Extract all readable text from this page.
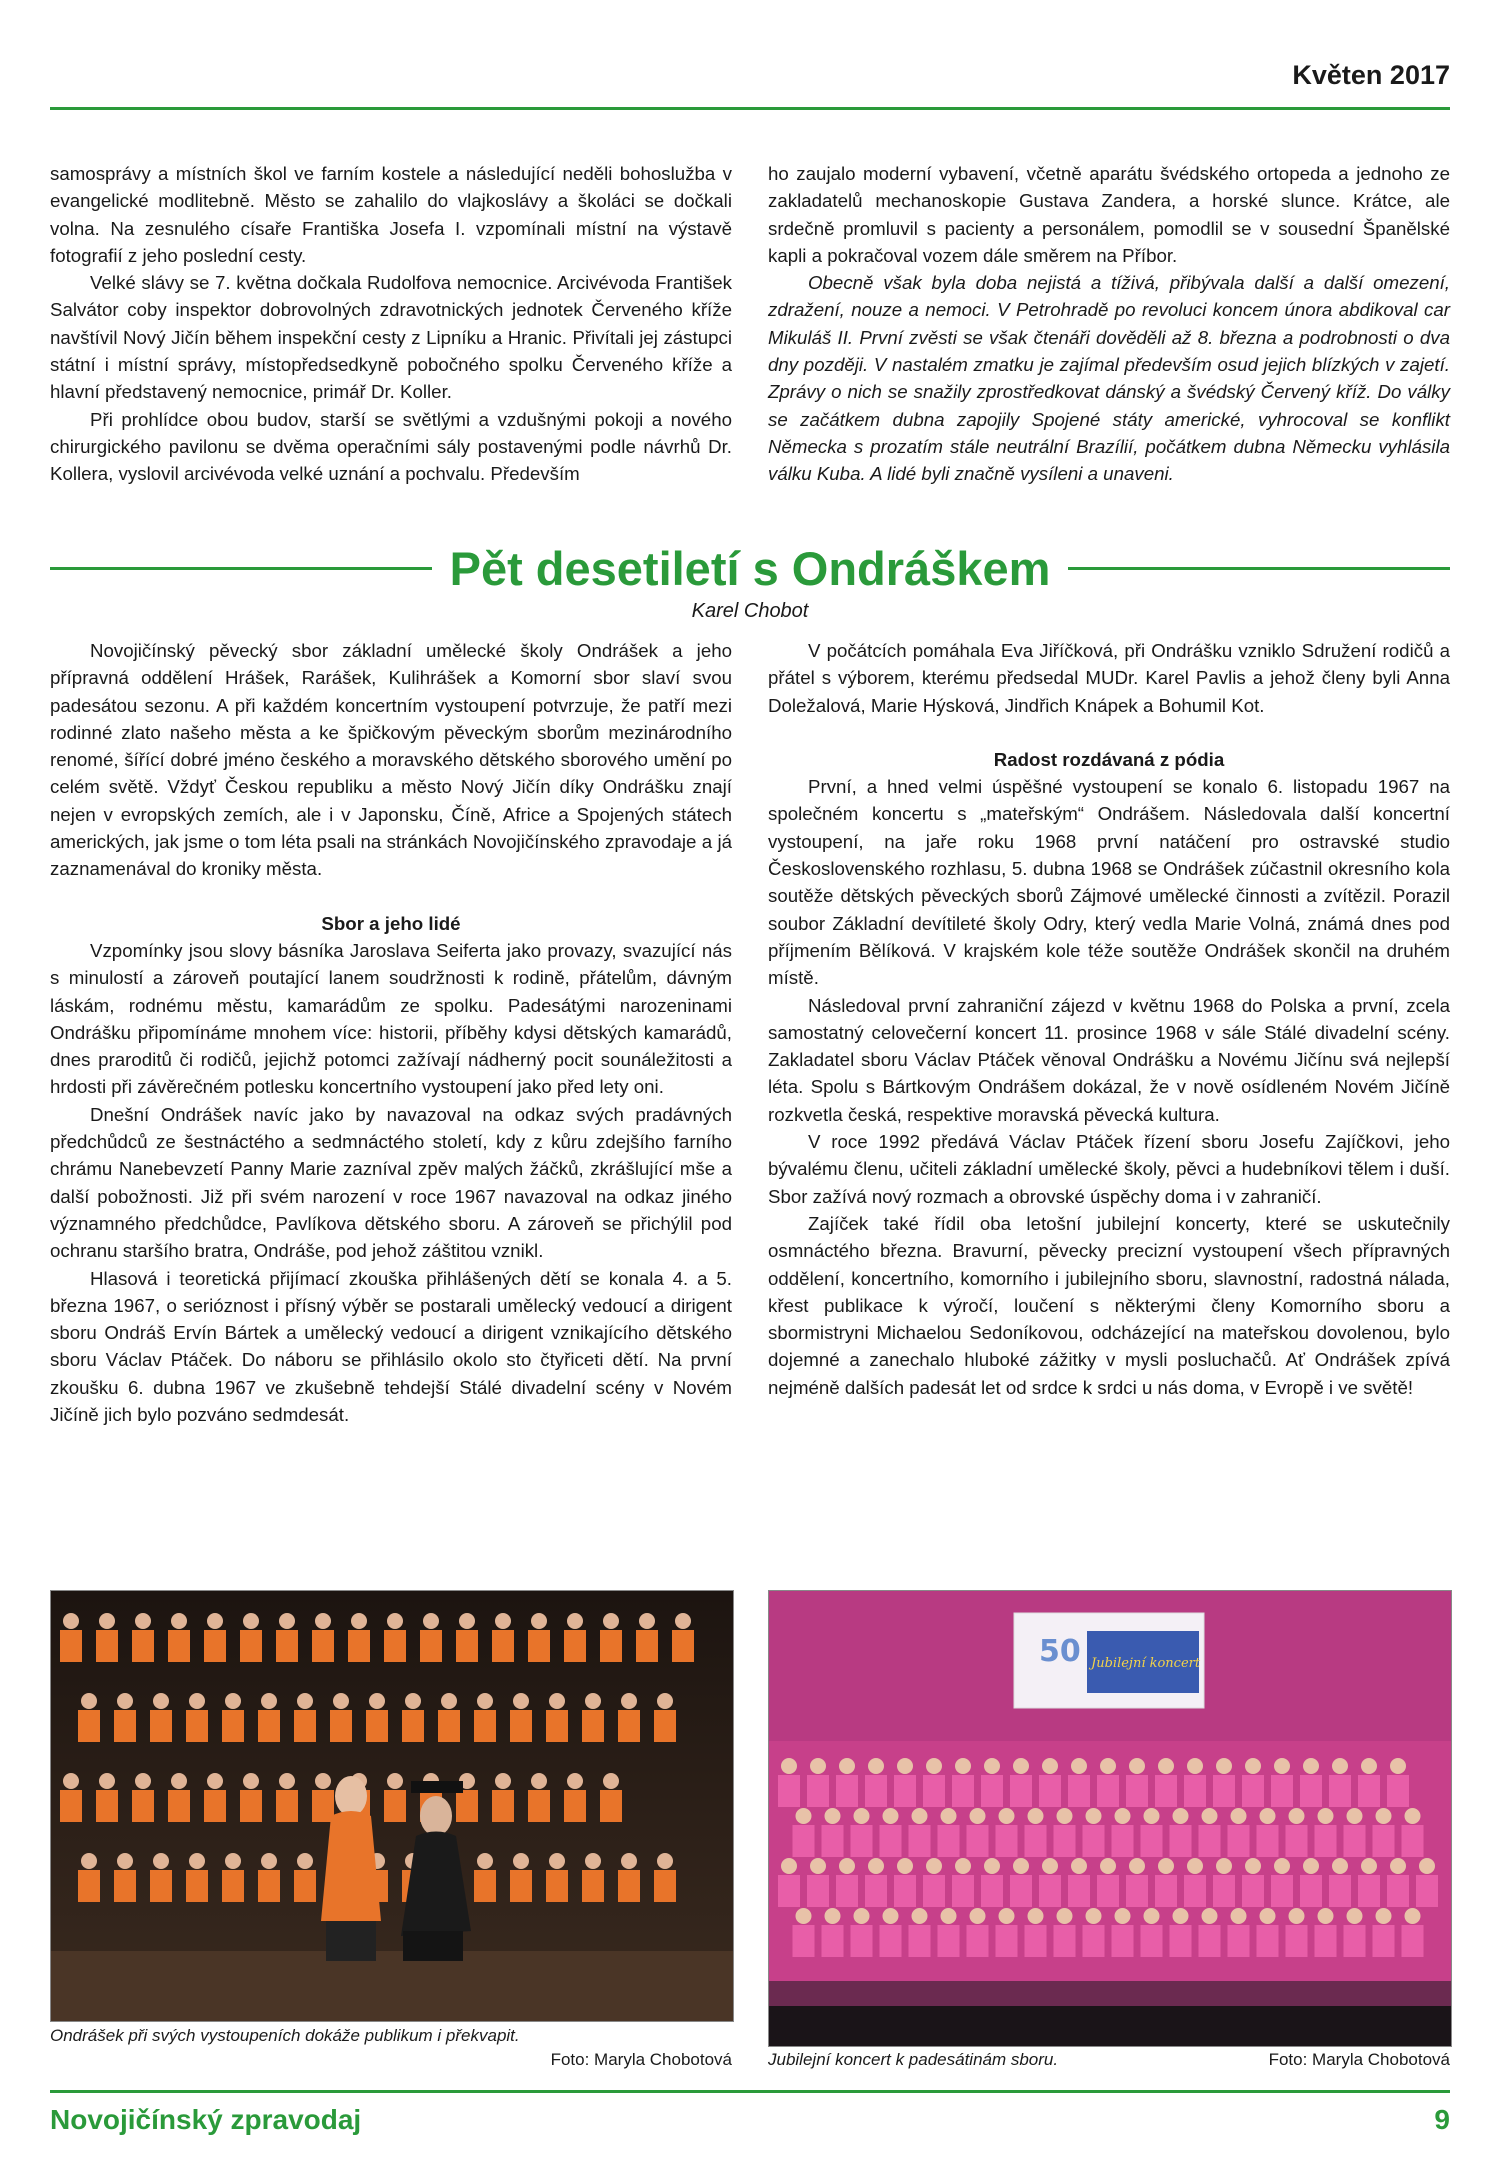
Květen 2017

samosprávy a místních škol ve farním kostele a následující neděli bohoslužba v evangelické modlitebně. Město se zahalilo do vlajkoslávy a školáci se dočkali volna. Na zesnulého císaře Františka Josefa I. vzpomínali místní na výstavě fotografií z jeho poslední cesty.

Velké slávy se 7. května dočkala Rudolfova nemocnice. Arcivévoda František Salvátor coby inspektor dobrovolných zdravotnických jednotek Červeného kříže navštívil Nový Jičín během inspekční cesty z Lipníku a Hranic. Přivítali jej zástupci státní i místní správy, místopředsedkyně pobočného spolku Červeného kříže a hlavní představený nemocnice, primář Dr. Koller.

Při prohlídce obou budov, starší se světlými a vzdušnými pokoji a nového chirurgického pavilonu se dvěma operačními sály postavenými podle návrhů Dr. Kollera, vyslovil arcivévoda velké uznání a pochvalu. Především

ho zaujalo moderní vybavení, včetně aparátu švédského ortopeda a jednoho ze zakladatelů mechanoskopie Gustava Zandera, a horské slunce. Krátce, ale srdečně promluvil s pacienty a personálem, pomodlil se v sousední Španělské kapli a pokračoval vozem dále směrem na Příbor.

Obecně však byla doba nejistá a tíživá, přibývala další a další omezení, zdražení, nouze a nemoci. V Petrohradě po revoluci koncem února abdikoval car Mikuláš II. První zvěsti se však čtenáři dověděli až 8. března a podrobnosti o dva dny později. V nastalém zmatku je zajímal především osud jejich blízkých v zajetí. Zprávy o nich se snažily zprostředkovat dánský a švédský Červený kříž. Do války se začátkem dubna zapojily Spojené státy americké, vyhrocoval se konflikt Německa s prozatím stále neutrální Brazílií, počátkem dubna Německu vyhlásila válku Kuba. A lidé byli značně vysíleni a unaveni.

Pět desetiletí s Ondráškem
Karel Chobot

Novojičínský pěvecký sbor základní umělecké školy Ondrášek a jeho přípravná oddělení Hrášek, Rarášek, Kulihrášek a Komorní sbor slaví svou padesátou sezonu. A při každém koncertním vystoupení potvrzuje, že patří mezi rodinné zlato našeho města a ke špičkovým pěveckým sborům mezinárodního renomé, šířící dobré jméno českého a moravského dětského sborového umění po celém světě. Vždyť Českou republiku a město Nový Jičín díky Ondrášku znají nejen v evropských zemích, ale i v Japonsku, Číně, Africe a Spojených státech amerických, jak jsme o tom léta psali na stránkách Novojičínského zpravodaje a já zaznamenával do kroniky města.

Sbor a jeho lidé

Vzpomínky jsou slovy básníka Jaroslava Seiferta jako provazy, svazující nás s minulostí a zároveň poutající lanem soudržnosti k rodině, přátelům, dávným láskám, rodnému městu, kamarádům ze spolku. Padesátými narozeninami Ondrášku připomínáme mnohem více: historii, příběhy kdysi dětských kamarádů, dnes praroditů či rodičů, jejichž potomci zažívají nádherný pocit sounáležitosti a hrdosti při závěrečném potlesku koncertního vystoupení jako před lety oni.

Dnešní Ondrášek navíc jako by navazoval na odkaz svých pradávných předchůdců ze šestnáctého a sedmnáctého století, kdy z kůru zdejšího farního chrámu Nanebevzetí Panny Marie zazníval zpěv malých žáčků, zkrášlující mše a další pobožnosti. Již při svém narození v roce 1967 navazoval na odkaz jiného významného předchůdce, Pavlíkova dětského sboru. A zároveň se přichýlil pod ochranu staršího bratra, Ondráše, pod jehož záštitou vznikl.

Hlasová i teoretická přijímací zkouška přihlášených dětí se konala 4. a 5. března 1967, o serióznost i přísný výběr se postarali umělecký vedoucí a dirigent sboru Ondráš Ervín Bártek a umělecký vedoucí a dirigent vznikajícího dětského sboru Václav Ptáček. Do náboru se přihlásilo okolo sto čtyřiceti dětí. Na první zkoušku 6. dubna 1967 ve zkušebně tehdejší Stálé divadelní scény v Novém Jičíně jich bylo pozváno sedmdesát.

V počátcích pomáhala Eva Jiříčková, při Ondrášku vzniklo Sdružení rodičů a přátel s výborem, kterému předsedal MUDr. Karel Pavlis a jehož členy byli Anna Doležalová, Marie Hýsková, Jindřich Knápek a Bohumil Kot.

Radost rozdávaná z pódia

První, a hned velmi úspěšné vystoupení se konalo 6. listopadu 1967 na společném koncertu s „mateřským“ Ondrášem. Následovala další koncertní vystoupení, na jaře roku 1968 první natáčení pro ostravské studio Československého rozhlasu, 5. dubna 1968 se Ondrášek zúčastnil okresního kola soutěže dětských pěveckých sborů Zájmové umělecké činnosti a zvítězil. Porazil soubor Základní devítileté školy Odry, který vedla Marie Volná, známá dnes pod příjmením Bělíková. V krajském kole téže soutěže Ondrášek skončil na druhém místě.

Následoval první zahraniční zájezd v květnu 1968 do Polska a první, zcela samostatný celovečerní koncert 11. prosince 1968 v sále Stálé divadelní scény. Zakladatel sboru Václav Ptáček věnoval Ondrášku a Novému Jičínu svá nejlepší léta. Spolu s Bártkovým Ondrášem dokázal, že v nově osídleném Novém Jičíně rozkvetla česká, respektive moravská pěvecká kultura.

V roce 1992 předává Václav Ptáček řízení sboru Josefu Zajíčkovi, jeho bývalému členu, učiteli základní umělecké školy, pěvci a hudebníkovi tělem i duší. Sbor zažívá nový rozmach a obrovské úspěchy doma i v zahraničí.

Zajíček také řídil oba letošní jubilejní koncerty, které se uskutečnily osmnáctého března. Bravurní, pěvecky precizní vystoupení všech přípravných oddělení, koncertního, komorního i jubilejního sboru, slavnostní, radostná nálada, křest publikace k výročí, loučení s některými členy Komorního sboru a sbormistryni Michaelou Sedoníkovou, odcházející na mateřskou dovolenou, bylo dojemné a zanechalo hluboké zážitky v mysli posluchačů. Ať Ondrášek zpívá nejméně dalších padesát let od srdce k srdci u nás doma, v Evropě i ve světě!

Ondrášek při svých vystoupeních dokáže publikum i překvapit.
Foto: Maryla Chobotová
50 Jubilejní koncert
Jubilejní koncert k padesátinám sboru.	Foto: Maryla Chobotová
Novojičínský zpravodaj	9
